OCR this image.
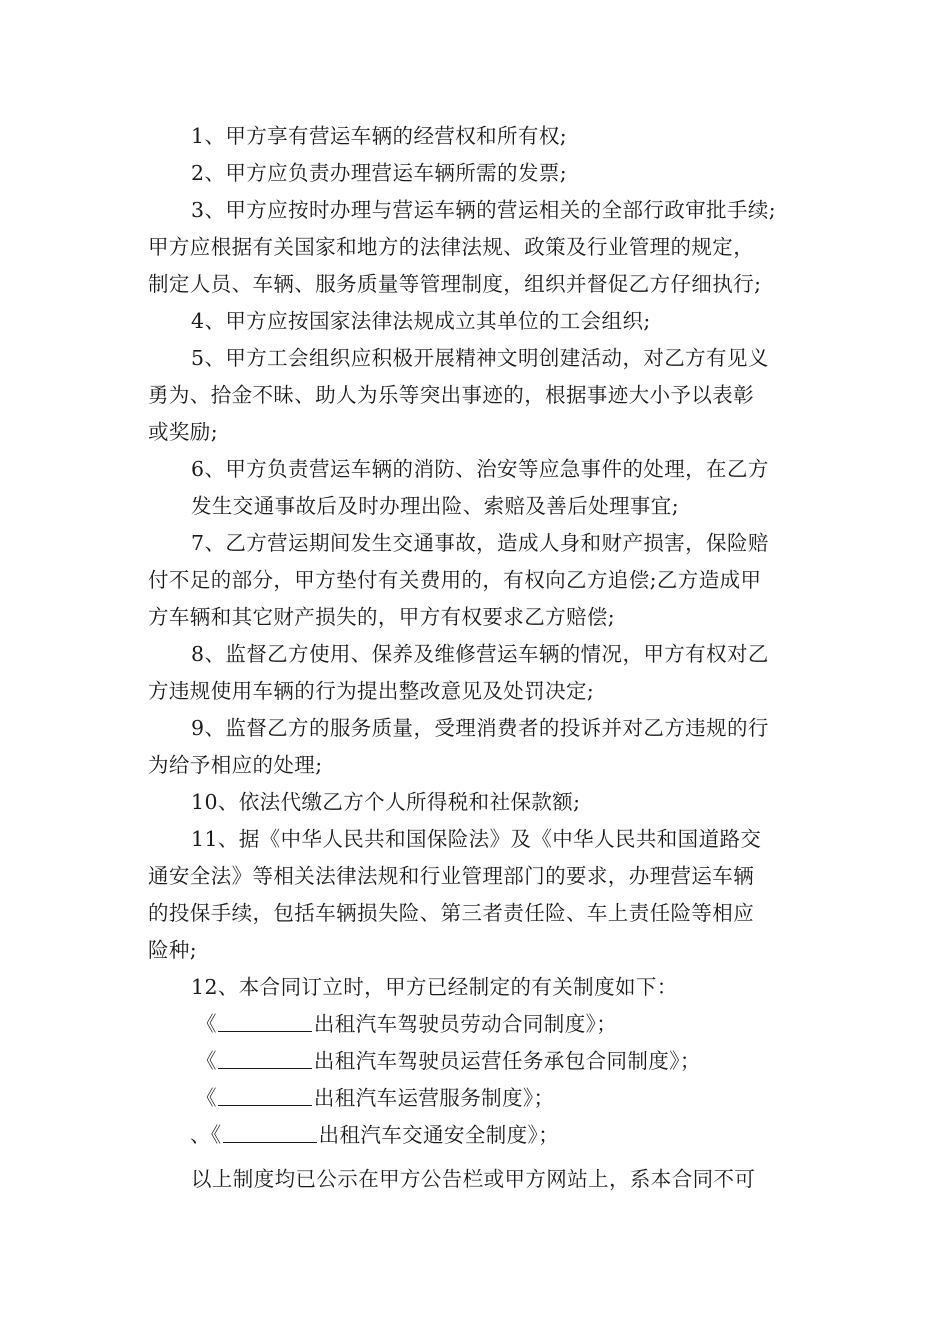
1、甲方享有营运车辆的经营权和所有权;
2、甲方应负责办理营运车辆所需的发票;
3、甲方应按时办理与营运车辆的营运相关的全部行政审批手续;
甲方应根据有关国家和地方的法律法规、政策及行业管理的规定，
制定人员、车辆、服务质量等管理制度，组织并督促乙方仔细执行;
4、甲方应按国家法律法规成立其单位的工会组织;
5、甲方工会组织应积极开展精神文明创建活动，对乙方有见义
勇为、拾金不昧、助人为乐等突出事迹的，根据事迹大小予以表彰
或奖励;
6、甲方负责营运车辆的消防、治安等应急事件的处理，在乙方
发生交通事故后及时办理出险、索赔及善后处理事宜;
7、乙方营运期间发生交通事故，造成人身和财产损害，保险赔
付不足的部分，甲方垫付有关费用的，有权向乙方追偿;乙方造成甲
方车辆和其它财产损失的，甲方有权要求乙方赔偿;
8、监督乙方使用、保养及维修营运车辆的情况，甲方有权对乙
方违规使用车辆的行为提出整改意见及处罚决定;
9、监督乙方的服务质量，受理消费者的投诉并对乙方违规的行
为给予相应的处理;
10、依法代缴乙方个人所得税和社保款额;
11、据《中华人民共和国保险法》及《中华人民共和国道路交
通安全法》等相关法律法规和行业管理部门的要求，办理营运车辆
的投保手续，包括车辆损失险、第三者责任险、车上责任险等相应
险种;
12、本合同订立时，甲方已经制定的有关制度如下：
《	出租汽车驾驶员劳动合同制度》；
《	出租汽车驾驶员运营任务承包合同制度》；
《	出租汽车运营服务制度》；
、《	出租汽车交通安全制度》；
以上制度均已公示在甲方公告栏或甲方网站上，系本合同不可
